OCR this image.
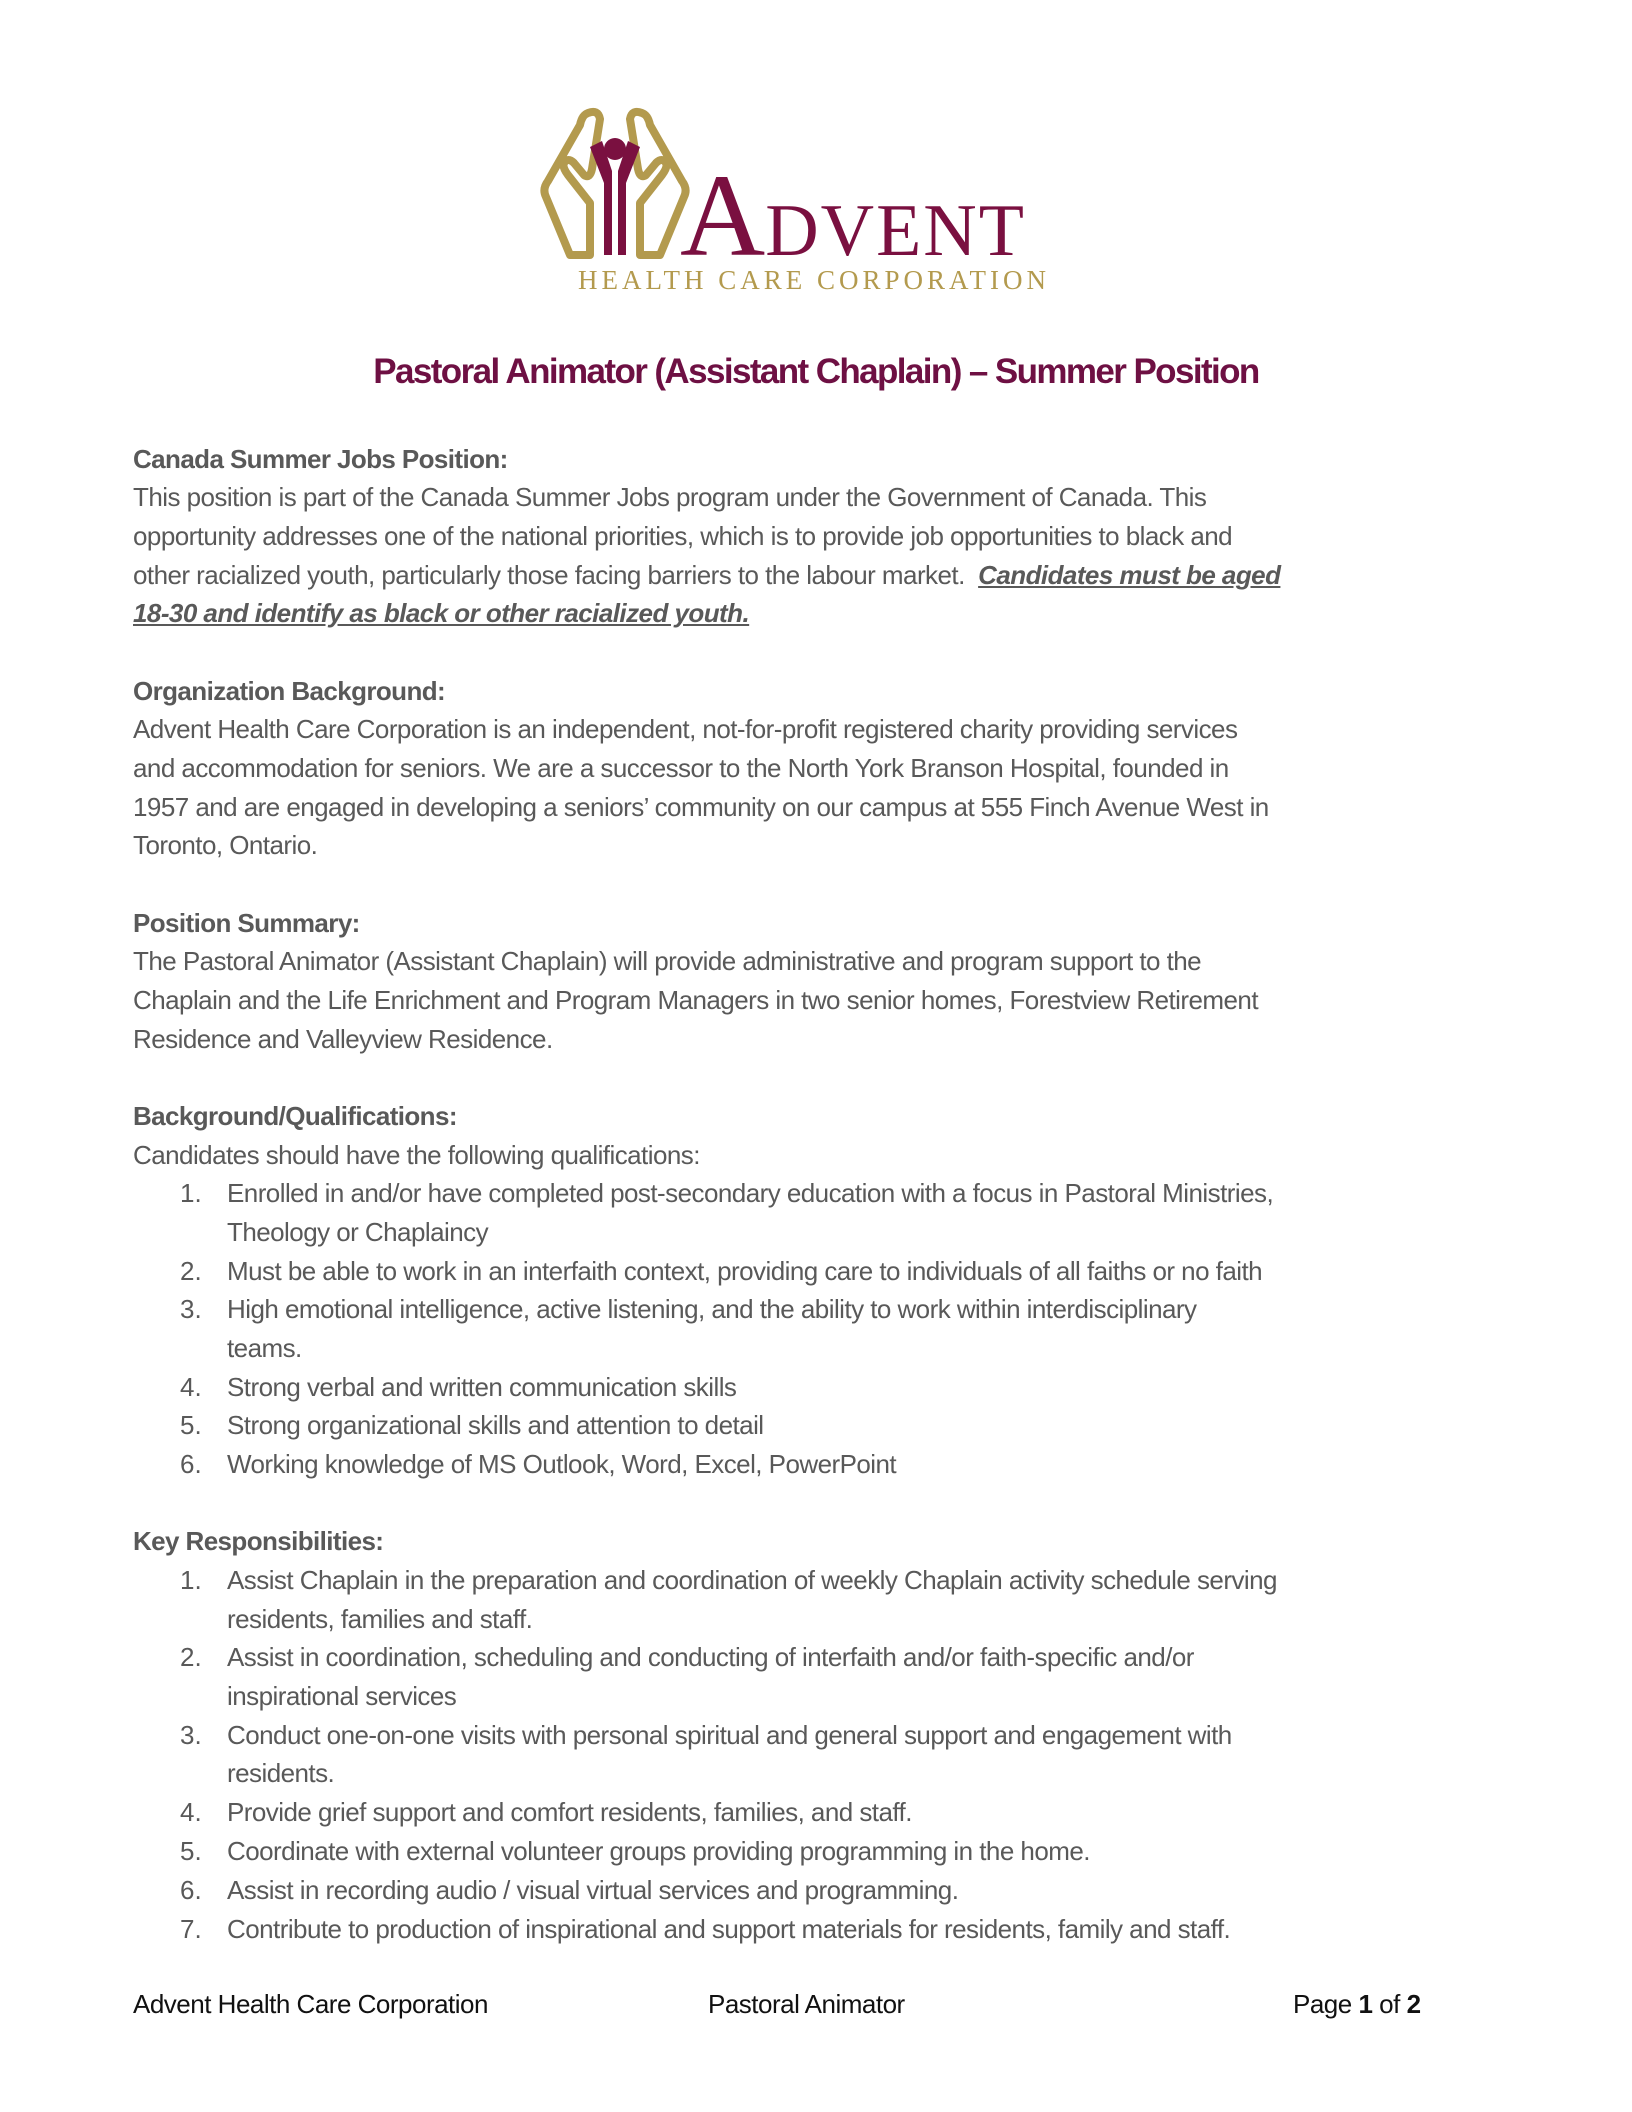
ADVENT
HEALTH CARE CORPORATION
Pastoral Animator (Assistant Chaplain) – Summer Position
Canada Summer Jobs Position:
This position is part of the Canada Summer Jobs program under the Government of Canada. This
opportunity addresses one of the national priorities, which is to provide job opportunities to black and
other racialized youth, particularly those facing barriers to the labour market.  Candidates must be aged
18-30 and identify as black or other racialized youth.
Organization Background:
Advent Health Care Corporation is an independent, not-for-profit registered charity providing services
and accommodation for seniors. We are a successor to the North York Branson Hospital, founded in
1957 and are engaged in developing a seniors’ community on our campus at 555 Finch Avenue West in
Toronto, Ontario.
Position Summary:
The Pastoral Animator (Assistant Chaplain) will provide administrative and program support to the
Chaplain and the Life Enrichment and Program Managers in two senior homes, Forestview Retirement
Residence and Valleyview Residence.
Background/Qualifications:
Candidates should have the following qualifications:
1. Enrolled in and/or have completed post-secondary education with a focus in Pastoral Ministries,
Theology or Chaplaincy
2. Must be able to work in an interfaith context, providing care to individuals of all faiths or no faith
3. High emotional intelligence, active listening, and the ability to work within interdisciplinary
teams.
4. Strong verbal and written communication skills
5. Strong organizational skills and attention to detail
6. Working knowledge of MS Outlook, Word, Excel, PowerPoint
Key Responsibilities:
1. Assist Chaplain in the preparation and coordination of weekly Chaplain activity schedule serving
residents, families and staff.
2. Assist in coordination, scheduling and conducting of interfaith and/or faith-specific and/or
inspirational services
3. Conduct one-on-one visits with personal spiritual and general support and engagement with
residents.
4. Provide grief support and comfort residents, families, and staff.
5. Coordinate with external volunteer groups providing programming in the home.
6. Assist in recording audio / visual virtual services and programming.
7. Contribute to production of inspirational and support materials for residents, family and staff.
Advent Health Care Corporation	Pastoral Animator	Page 1 of 2
